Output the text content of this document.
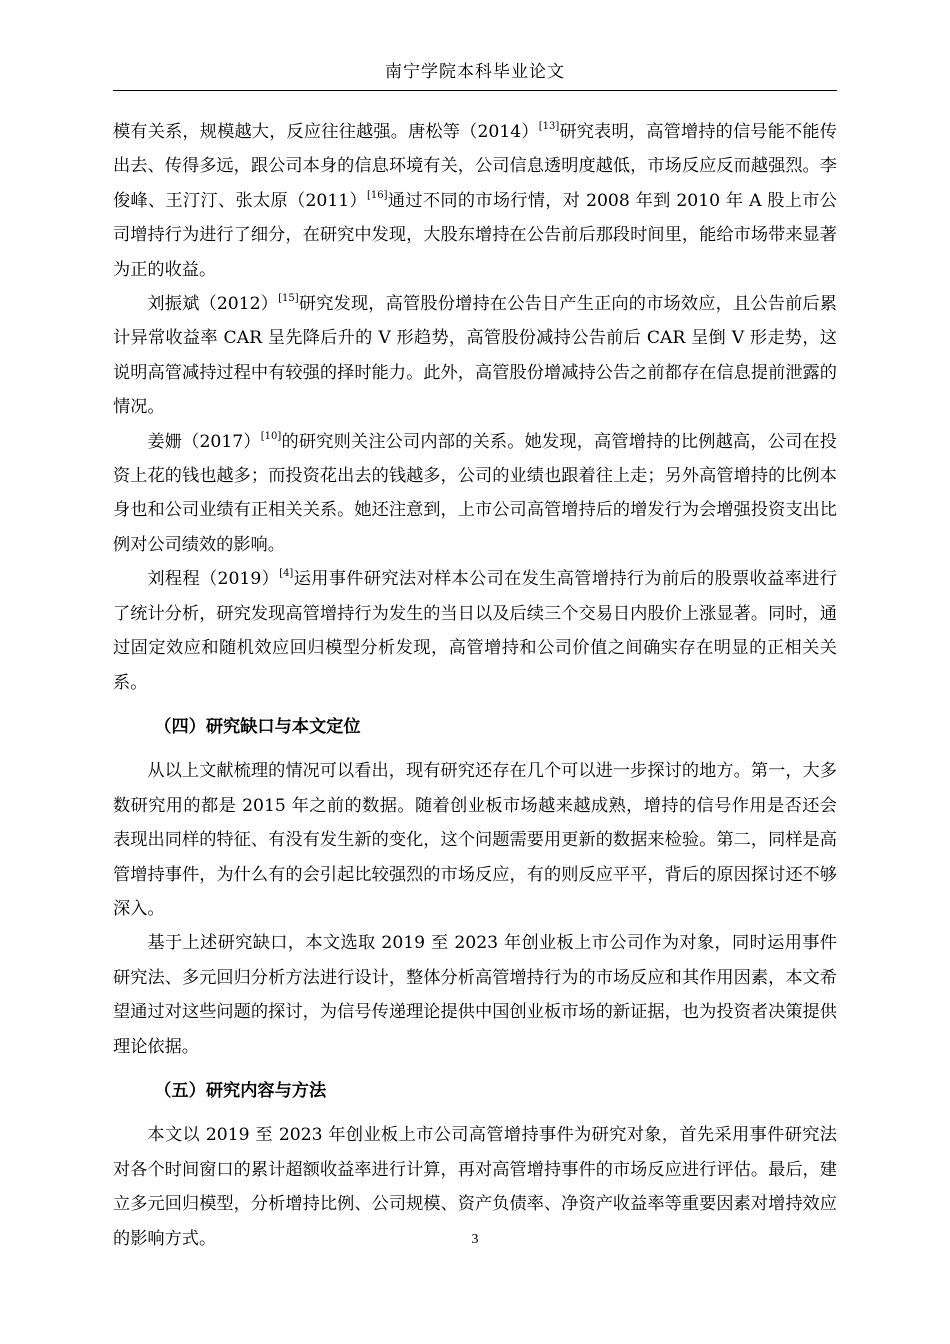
南宁学院本科毕业论文

模有关系，规模越大，反应往往越强。唐松等（2014）[13]研究表明，高管增持的信号能不能传出去、传得多远，跟公司本身的信息环境有关，公司信息透明度越低，市场反应反而越强烈。李俊峰、王汀汀、张太原（2011）[16]通过不同的市场行情，对 2008 年到 2010 年 A 股上市公司增持行为进行了细分，在研究中发现，大股东增持在公告前后那段时间里，能给市场带来显著为正的收益。

刘振斌（2012）[15]研究发现，高管股份增持在公告日产生正向的市场效应，且公告前后累计异常收益率 CAR 呈先降后升的 V 形趋势，高管股份减持公告前后 CAR 呈倒 V 形走势，这说明高管减持过程中有较强的择时能力。此外，高管股份增减持公告之前都存在信息提前泄露的情况。

姜姗（2017）[10]的研究则关注公司内部的关系。她发现，高管增持的比例越高，公司在投资上花的钱也越多；而投资花出去的钱越多，公司的业绩也跟着往上走；另外高管增持的比例本身也和公司业绩有正相关关系。她还注意到，上市公司高管增持后的增发行为会增强投资支出比例对公司绩效的影响。

刘程程（2019）[4]运用事件研究法对样本公司在发生高管增持行为前后的股票收益率进行了统计分析，研究发现高管增持行为发生的当日以及后续三个交易日内股价上涨显著。同时，通过固定效应和随机效应回归模型分析发现，高管增持和公司价值之间确实存在明显的正相关关系。

（四）研究缺口与本文定位

从以上文献梳理的情况可以看出，现有研究还存在几个可以进一步探讨的地方。第一，大多数研究用的都是 2015 年之前的数据。随着创业板市场越来越成熟，增持的信号作用是否还会表现出同样的特征、有没有发生新的变化，这个问题需要用更新的数据来检验。第二，同样是高管增持事件，为什么有的会引起比较强烈的市场反应，有的则反应平平，背后的原因探讨还不够深入。

基于上述研究缺口，本文选取 2019 至 2023 年创业板上市公司作为对象，同时运用事件研究法、多元回归分析方法进行设计，整体分析高管增持行为的市场反应和其作用因素，本文希望通过对这些问题的探讨，为信号传递理论提供中国创业板市场的新证据，也为投资者决策提供理论依据。

（五）研究内容与方法

本文以 2019 至 2023 年创业板上市公司高管增持事件为研究对象，首先采用事件研究法对各个时间窗口的累计超额收益率进行计算，再对高管增持事件的市场反应进行评估。最后，建立多元回归模型，分析增持比例、公司规模、资产负债率、净资产收益率等重要因素对增持效应的影响方式。	3
